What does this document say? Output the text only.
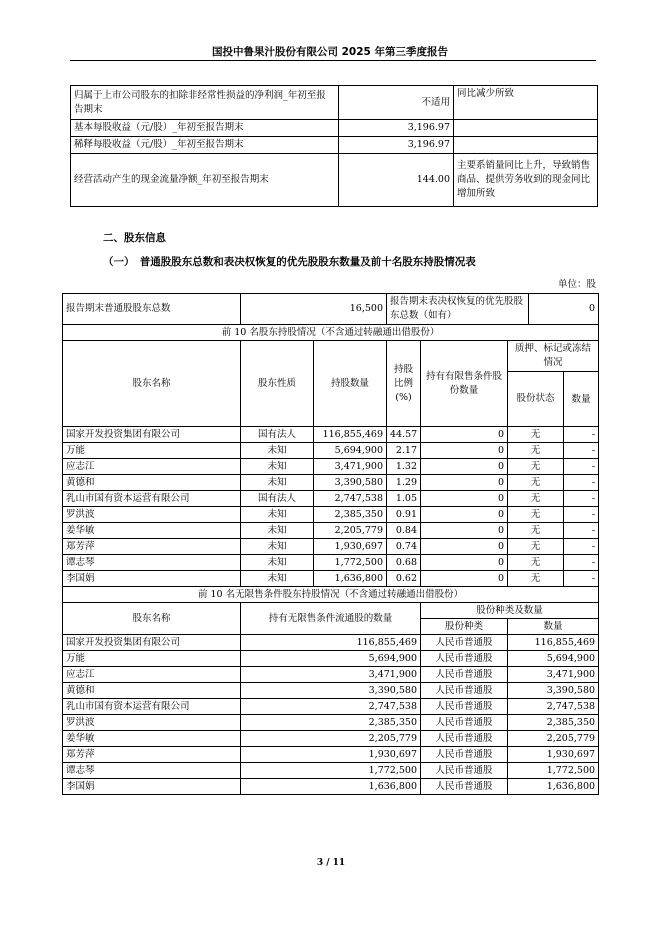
国投中鲁果汁股份有限公司 2025 年第三季度报告
归属于上市公司股东的扣除非经常性损益的净利润_年初至报告期末	不适用	同比减少所致
基本每股收益（元/股）_年初至报告期末	3,196.97	
稀释每股收益（元/股）_年初至报告期末	3,196.97	
经营活动产生的现金流量净额_年初至报告期末	144.00	主要系销量同比上升，导致销售商品、提供劳务收到的现金同比增加所致
二、股东信息
（一）　普通股股东总数和表决权恢复的优先股股东数量及前十名股东持股情况表
单位：股
报告期末普通股股东总数	16,500		报告期末表决权恢复的优先股股东总数（如有）			0	
前 10 名股东持股情况（不含通过转融通出借股份）							
股东名称	股东性质	持股数量	持股比例(%)	持有有限售条件股份数量	质押、标记或冻结情况		
					股份状态		数量
国家开发投资集团有限公司	国有法人	116,855,469	44.57	0	无		-
万能	未知	5,694,900	2.17	0	无		-
应志江	未知	3,471,900	1.32	0	无		-
黄德和	未知	3,390,580	1.29	0	无		-
乳山市国有资本运营有限公司	国有法人	2,747,538	1.05	0	无		-
罗洪波	未知	2,385,350	0.91	0	无		-
姜华敏	未知	2,205,779	0.84	0	无		-
郑芳萍	未知	1,930,697	0.74	0	无		-
谭志琴	未知	1,772,500	0.68	0	无		-
李国娟	未知	1,636,800	0.62	0	无		-
前 10 名无限售条件股东持股情况（不含通过转融通出借股份）							
股东名称	持有无限售条件流通股的数量			股份种类及数量			
				股份种类	数量		
国家开发投资集团有限公司	116,855,469			人民币普通股	116,855,469		
万能	5,694,900			人民币普通股	5,694,900		
应志江	3,471,900			人民币普通股	3,471,900		
黄德和	3,390,580			人民币普通股	3,390,580		
乳山市国有资本运营有限公司	2,747,538			人民币普通股	2,747,538		
罗洪波	2,385,350			人民币普通股	2,385,350		
姜华敏	2,205,779			人民币普通股	2,205,779		
郑芳萍	1,930,697			人民币普通股	1,930,697		
谭志琴	1,772,500			人民币普通股	1,772,500		
李国娟	1,636,800			人民币普通股	1,636,800		
3 / 11
